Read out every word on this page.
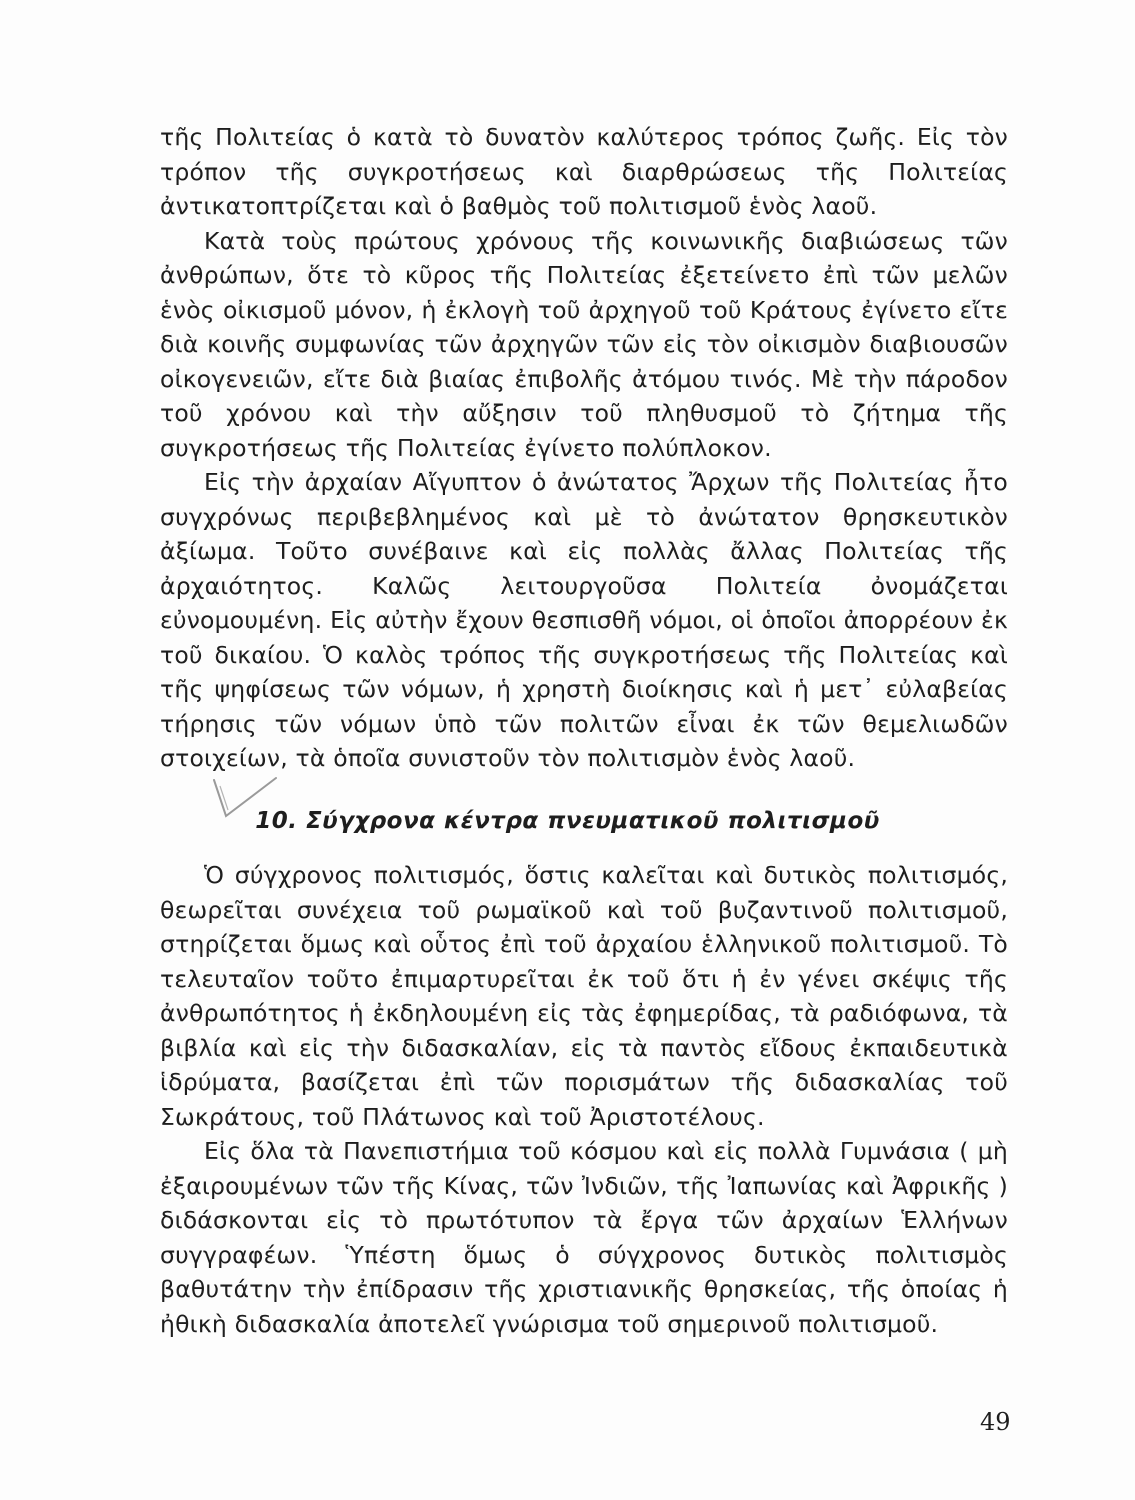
τῆς Πολιτείας ὁ κατὰ τὸ δυνατὸν καλύτερος τρόπος ζωῆς. Εἰς τὸν τρόπον τῆς συγκροτήσεως καὶ διαρθρώσεως τῆς Πολιτείας ἀντικατοπτρίζεται καὶ ὁ βαθμὸς τοῦ πολιτισμοῦ ἑνὸς λαοῦ.

Κατὰ τοὺς πρώτους χρόνους τῆς κοινωνικῆς διαβιώσεως τῶν ἀνθρώπων, ὅτε τὸ κῦρος τῆς Πολιτείας ἐξετείνετο ἐπὶ τῶν μελῶν ἑνὸς οἰκισμοῦ μόνον, ἡ ἐκλογὴ τοῦ ἀρχηγοῦ τοῦ Κράτους ἐγίνετο εἴτε διὰ κοινῆς συμφωνίας τῶν ἀρχηγῶν τῶν εἰς τὸν οἰκισμὸν διαβιουσῶν οἰκογενειῶν, εἴτε διὰ βιαίας ἐπιβολῆς ἀτόμου τινός. Μὲ τὴν πάροδον τοῦ χρόνου καὶ τὴν αὔξησιν τοῦ πληθυσμοῦ τὸ ζήτημα τῆς συγκροτήσεως τῆς Πολιτείας ἐγίνετο πολύπλοκον.

Εἰς τὴν ἀρχαίαν Αἴγυπτον ὁ ἀνώτατος Ἄρχων τῆς Πολιτείας ἦτο συγχρόνως περιβεβλημένος καὶ μὲ τὸ ἀνώτατον θρησκευτικὸν ἀξίωμα. Τοῦτο συνέβαινε καὶ εἰς πολλὰς ἄλλας Πολιτείας τῆς ἀρχαιότητος. Καλῶς λειτουργοῦσα Πολιτεία ὀνομάζεται εὐνομουμένη. Εἰς αὐτὴν ἔχουν θεσπισθῆ νόμοι, οἱ ὁποῖοι ἀπορρέουν ἐκ τοῦ δικαίου. Ὁ καλὸς τρόπος τῆς συγκροτήσεως τῆς Πολιτείας καὶ τῆς ψηφίσεως τῶν νόμων, ἡ χρηστὴ διοίκησις καὶ ἡ μετ᾽ εὐλαβείας τήρησις τῶν νόμων ὑπὸ τῶν πολιτῶν εἶναι ἐκ τῶν θεμελιωδῶν στοιχείων, τὰ ὁποῖα συνιστοῦν τὸν πολιτισμὸν ἑνὸς λαοῦ.

10. Σύγχρονα κέντρα πνευματικοῦ πολιτισμοῦ

Ὁ σύγχρονος πολιτισμός, ὅστις καλεῖται καὶ δυτικὸς πολιτισμός, θεωρεῖται συνέχεια τοῦ ρωμαϊκοῦ καὶ τοῦ βυζαντινοῦ πολιτισμοῦ, στηρίζεται ὅμως καὶ οὗτος ἐπὶ τοῦ ἀρχαίου ἑλληνικοῦ πολιτισμοῦ. Τὸ τελευταῖον τοῦτο ἐπιμαρτυρεῖται ἐκ τοῦ ὅτι ἡ ἐν γένει σκέψις τῆς ἀνθρωπότητος ἡ ἐκδηλουμένη εἰς τὰς ἐφημερίδας, τὰ ραδιόφωνα, τὰ βιβλία καὶ εἰς τὴν διδασκαλίαν, εἰς τὰ παντὸς εἴδους ἐκπαιδευτικὰ ἱδρύματα, βασίζεται ἐπὶ τῶν πορισμάτων τῆς διδασκαλίας τοῦ Σωκράτους, τοῦ Πλάτωνος καὶ τοῦ Ἀριστοτέλους.

Εἰς ὅλα τὰ Πανεπιστήμια τοῦ κόσμου καὶ εἰς πολλὰ Γυμνάσια ( μὴ ἐξαιρουμένων τῶν τῆς Κίνας, τῶν Ἰνδιῶν, τῆς Ἰαπωνίας καὶ Ἀφρικῆς ) διδάσκονται εἰς τὸ πρωτότυπον τὰ ἔργα τῶν ἀρχαίων Ἑλλήνων συγγραφέων. Ὑπέστη ὅμως ὁ σύγχρονος δυτικὸς πολιτισμὸς βαθυτάτην τὴν ἐπίδρασιν τῆς χριστιανικῆς θρησκείας, τῆς ὁποίας ἡ ἠθικὴ διδασκαλία ἀποτελεῖ γνώρισμα τοῦ σημερινοῦ πολιτισμοῦ.

49
